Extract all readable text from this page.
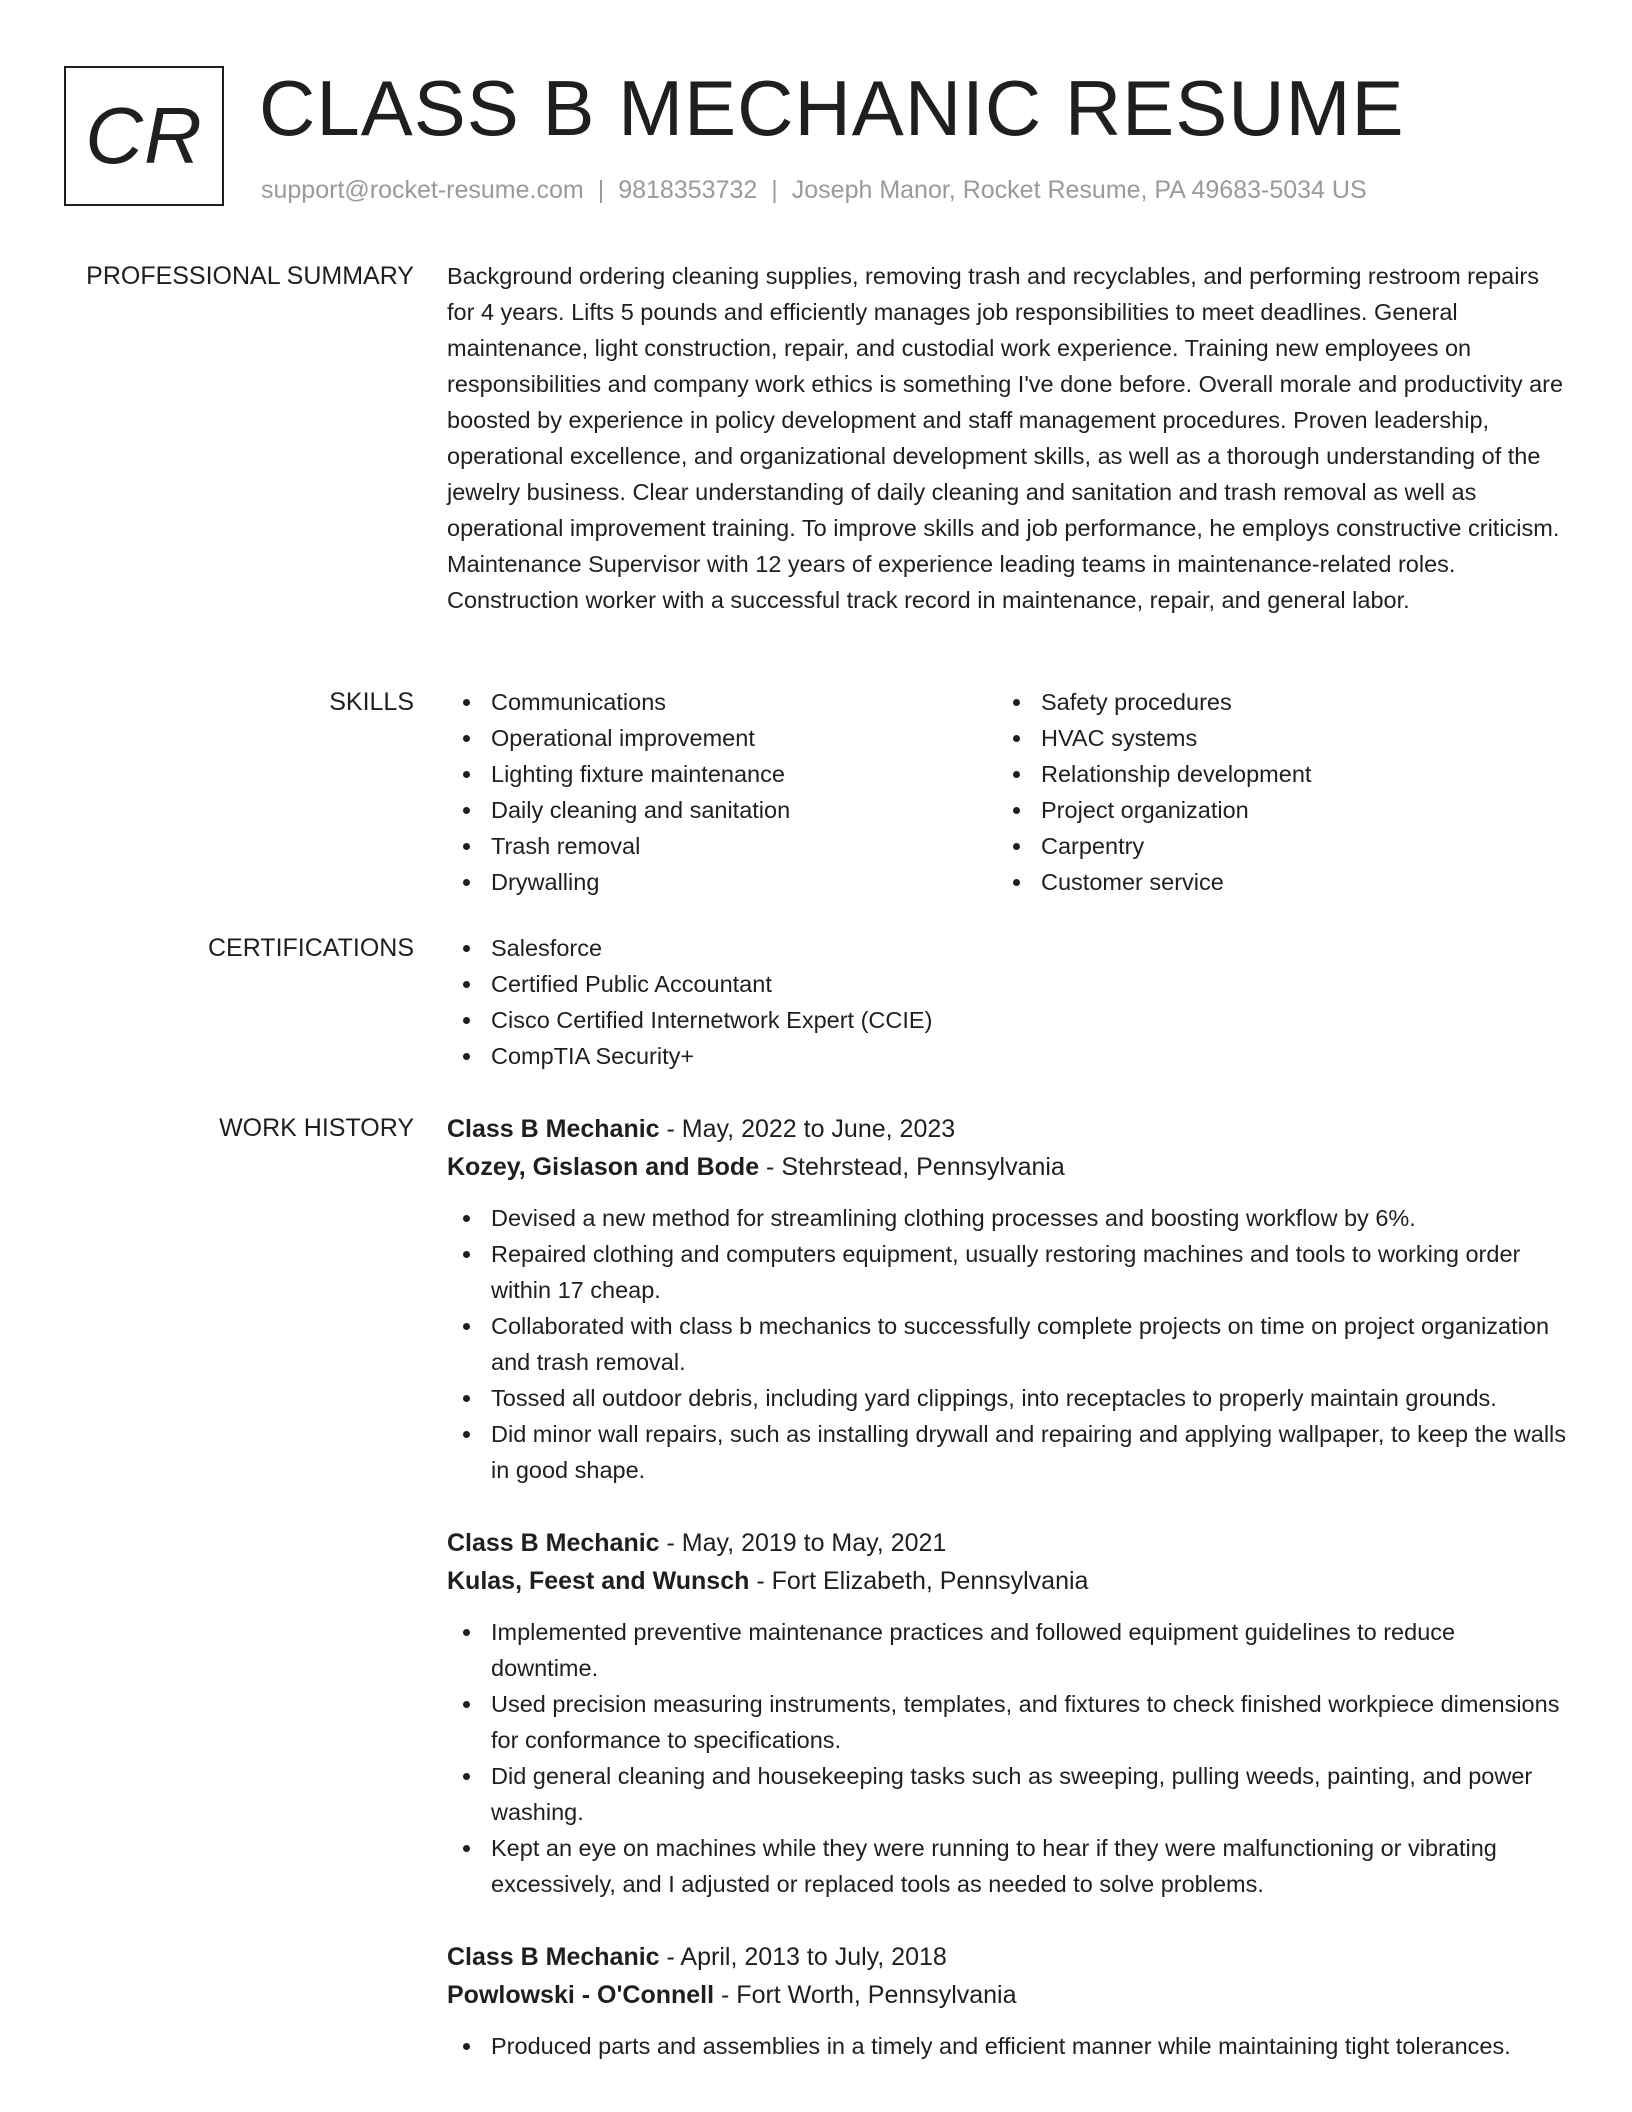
CR CLASS B MECHANIC RESUME
support@rocket-resume.com | 9818353732 | Joseph Manor, Rocket Resume, PA 49683-5034 US
PROFESSIONAL SUMMARY Background ordering cleaning supplies, removing trash and recyclables, and performing restroom repairs for 4 years. Lifts 5 pounds and efficiently manages job responsibilities to meet deadlines. General maintenance, light construction, repair, and custodial work experience. Training new employees on responsibilities and company work ethics is something I've done before. Overall morale and productivity are boosted by experience in policy development and staff management procedures. Proven leadership, operational excellence, and organizational development skills, as well as a thorough understanding of the jewelry business. Clear understanding of daily cleaning and sanitation and trash removal as well as operational improvement training. To improve skills and job performance, he employs constructive criticism. Maintenance Supervisor with 12 years of experience leading teams in maintenance-related roles. Construction worker with a successful track record in maintenance, repair, and general labor.
SKILLS	Communications
Operational improvement
Lighting fixture maintenance
Daily cleaning and sanitation
Trash removal
Drywalling
Safety procedures
HVAC systems
Relationship development
Project organization
Carpentry
Customer service
CERTIFICATIONS	Salesforce
Certified Public Accountant
Cisco Certified Internetwork Expert (CCIE)
CompTIA Security+
WORK HISTORY Class B Mechanic - May, 2022 to June, 2023
Kozey, Gislason and Bode - Stehrstead, Pennsylvania
Devised a new method for streamlining clothing processes and boosting workflow by 6%.
Repaired clothing and computers equipment, usually restoring machines and tools to working order within 17 cheap.
Collaborated with class b mechanics to successfully complete projects on time on project organization and trash removal.
Tossed all outdoor debris, including yard clippings, into receptacles to properly maintain grounds.
Did minor wall repairs, such as installing drywall and repairing and applying wallpaper, to keep the walls in good shape.
Class B Mechanic - May, 2019 to May, 2021
Kulas, Feest and Wunsch - Fort Elizabeth, Pennsylvania
Implemented preventive maintenance practices and followed equipment guidelines to reduce downtime.
Used precision measuring instruments, templates, and fixtures to check finished workpiece dimensions for conformance to specifications.
Did general cleaning and housekeeping tasks such as sweeping, pulling weeds, painting, and power washing.
Kept an eye on machines while they were running to hear if they were malfunctioning or vibrating excessively, and I adjusted or replaced tools as needed to solve problems.
Class B Mechanic - April, 2013 to July, 2018
Powlowski - O'Connell - Fort Worth, Pennsylvania
Produced parts and assemblies in a timely and efficient manner while maintaining tight tolerances.
